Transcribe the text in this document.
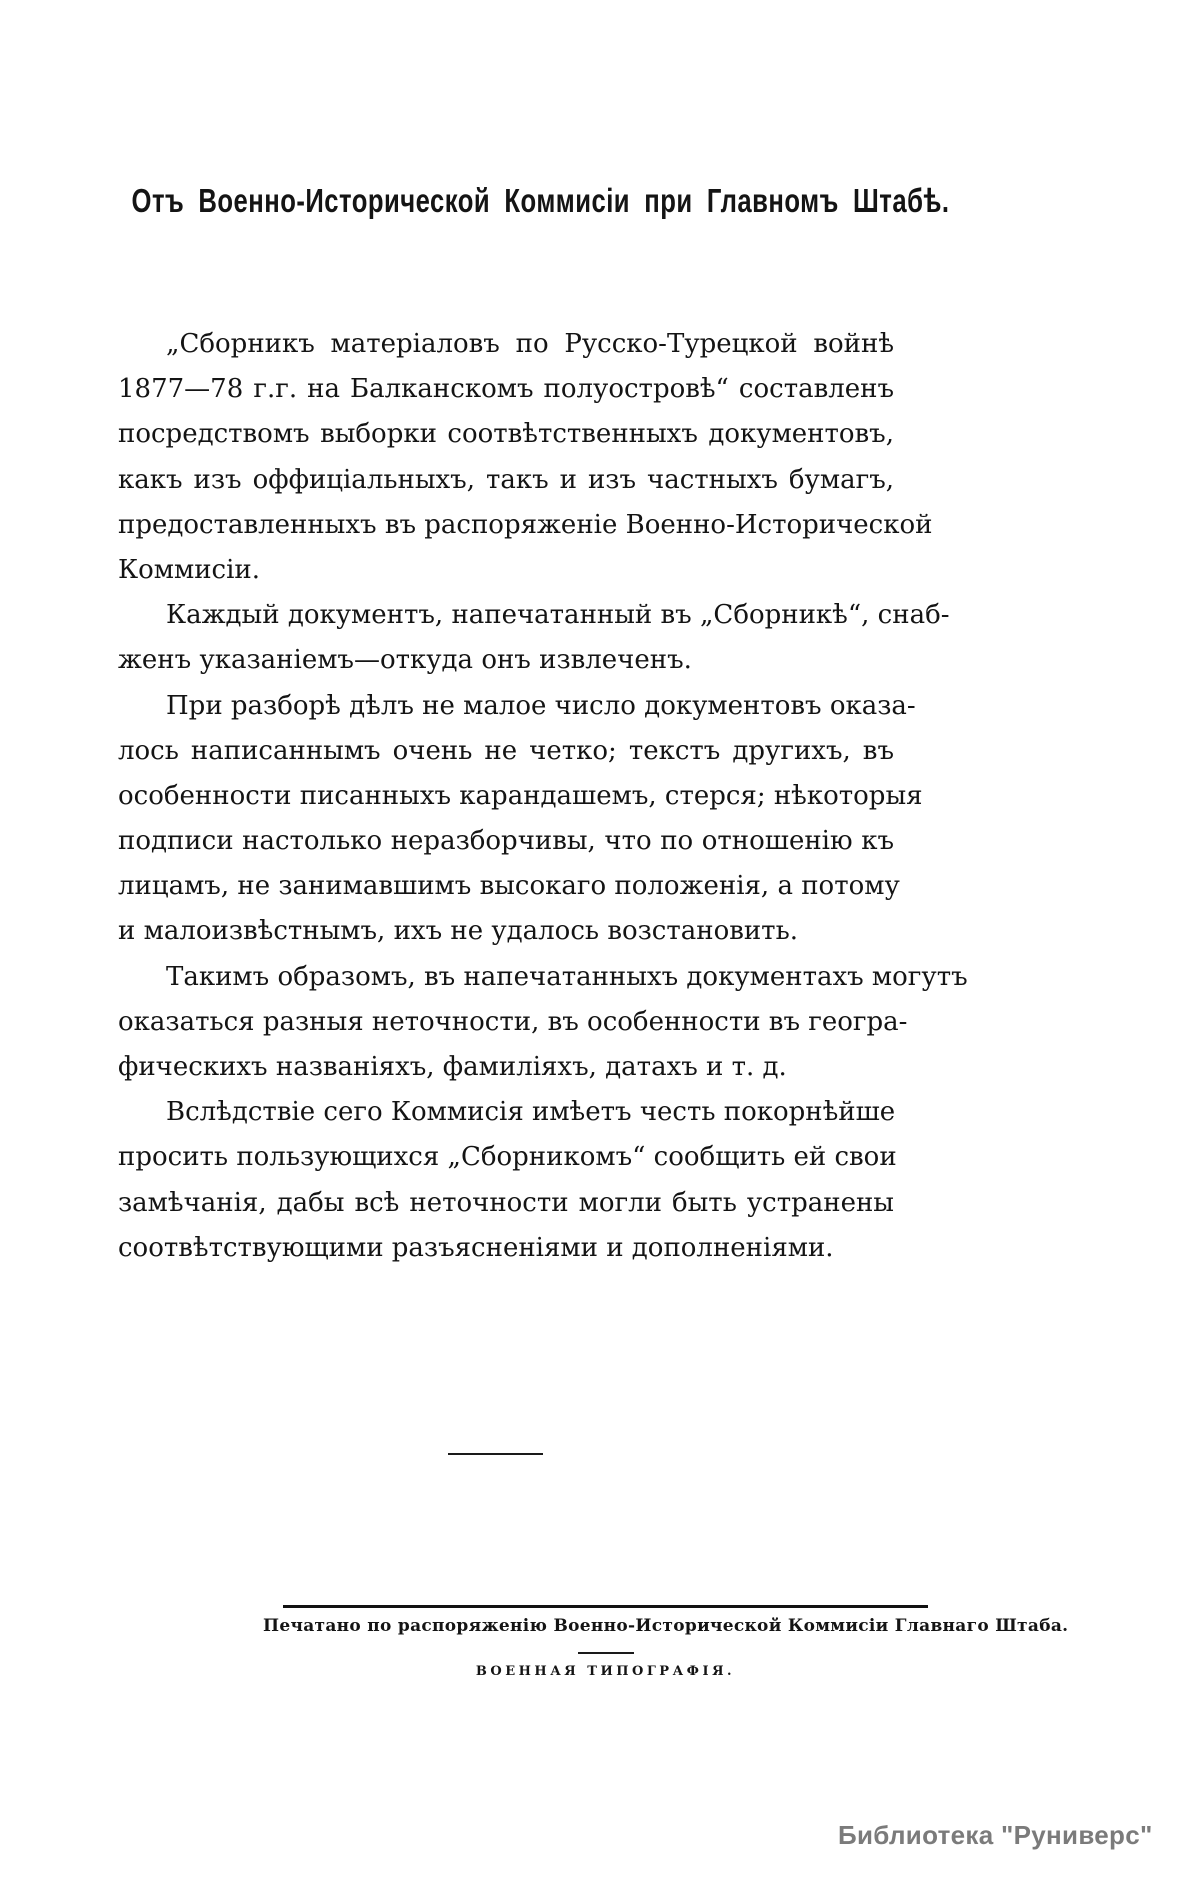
Отъ Военно-Исторической Коммисіи при Главномъ Штабѣ.
„Сборникъ матеріаловъ по Русско-Турецкой войнѣ
1877—78 г.г. на Балканскомъ полуостровѣ“ составленъ
посредствомъ выборки соотвѣтственныхъ документовъ,
какъ изъ оффиціальныхъ, такъ и изъ частныхъ бумагъ,
предоставленныхъ въ распоряженіе Военно-Исторической
Коммисіи.
Каждый документъ, напечатанный въ „Сборникѣ“, снаб-
женъ указаніемъ—откуда онъ извлеченъ.
При разборѣ дѣлъ не малое число документовъ оказа-
лось написаннымъ очень не четко; текстъ другихъ, въ
особенности писанныхъ карандашемъ, стерся; нѣкоторыя
подписи настолько неразборчивы, что по отношенію къ
лицамъ, не занимавшимъ высокаго положенія, а потому
и малоизвѣстнымъ, ихъ не удалось возстановить.
Такимъ образомъ, въ напечатанныхъ документахъ могутъ
оказаться разныя неточности, въ особенности въ геогра-
фическихъ названіяхъ, фамиліяхъ, датахъ и т. д.
Вслѣдствіе сего Коммисія имѣетъ честь покорнѣйше
просить пользующихся „Сборникомъ“ сообщить ей свои
замѣчанія, дабы всѣ неточности могли быть устранены
соотвѣтствующими разъясненіями и дополненіями.
Печатано по распоряженію Военно-Исторической Коммисіи Главнаго Штаба.
ВОЕННАЯ ТИПОГРАФІЯ.
Библиотека "Руниверс"
